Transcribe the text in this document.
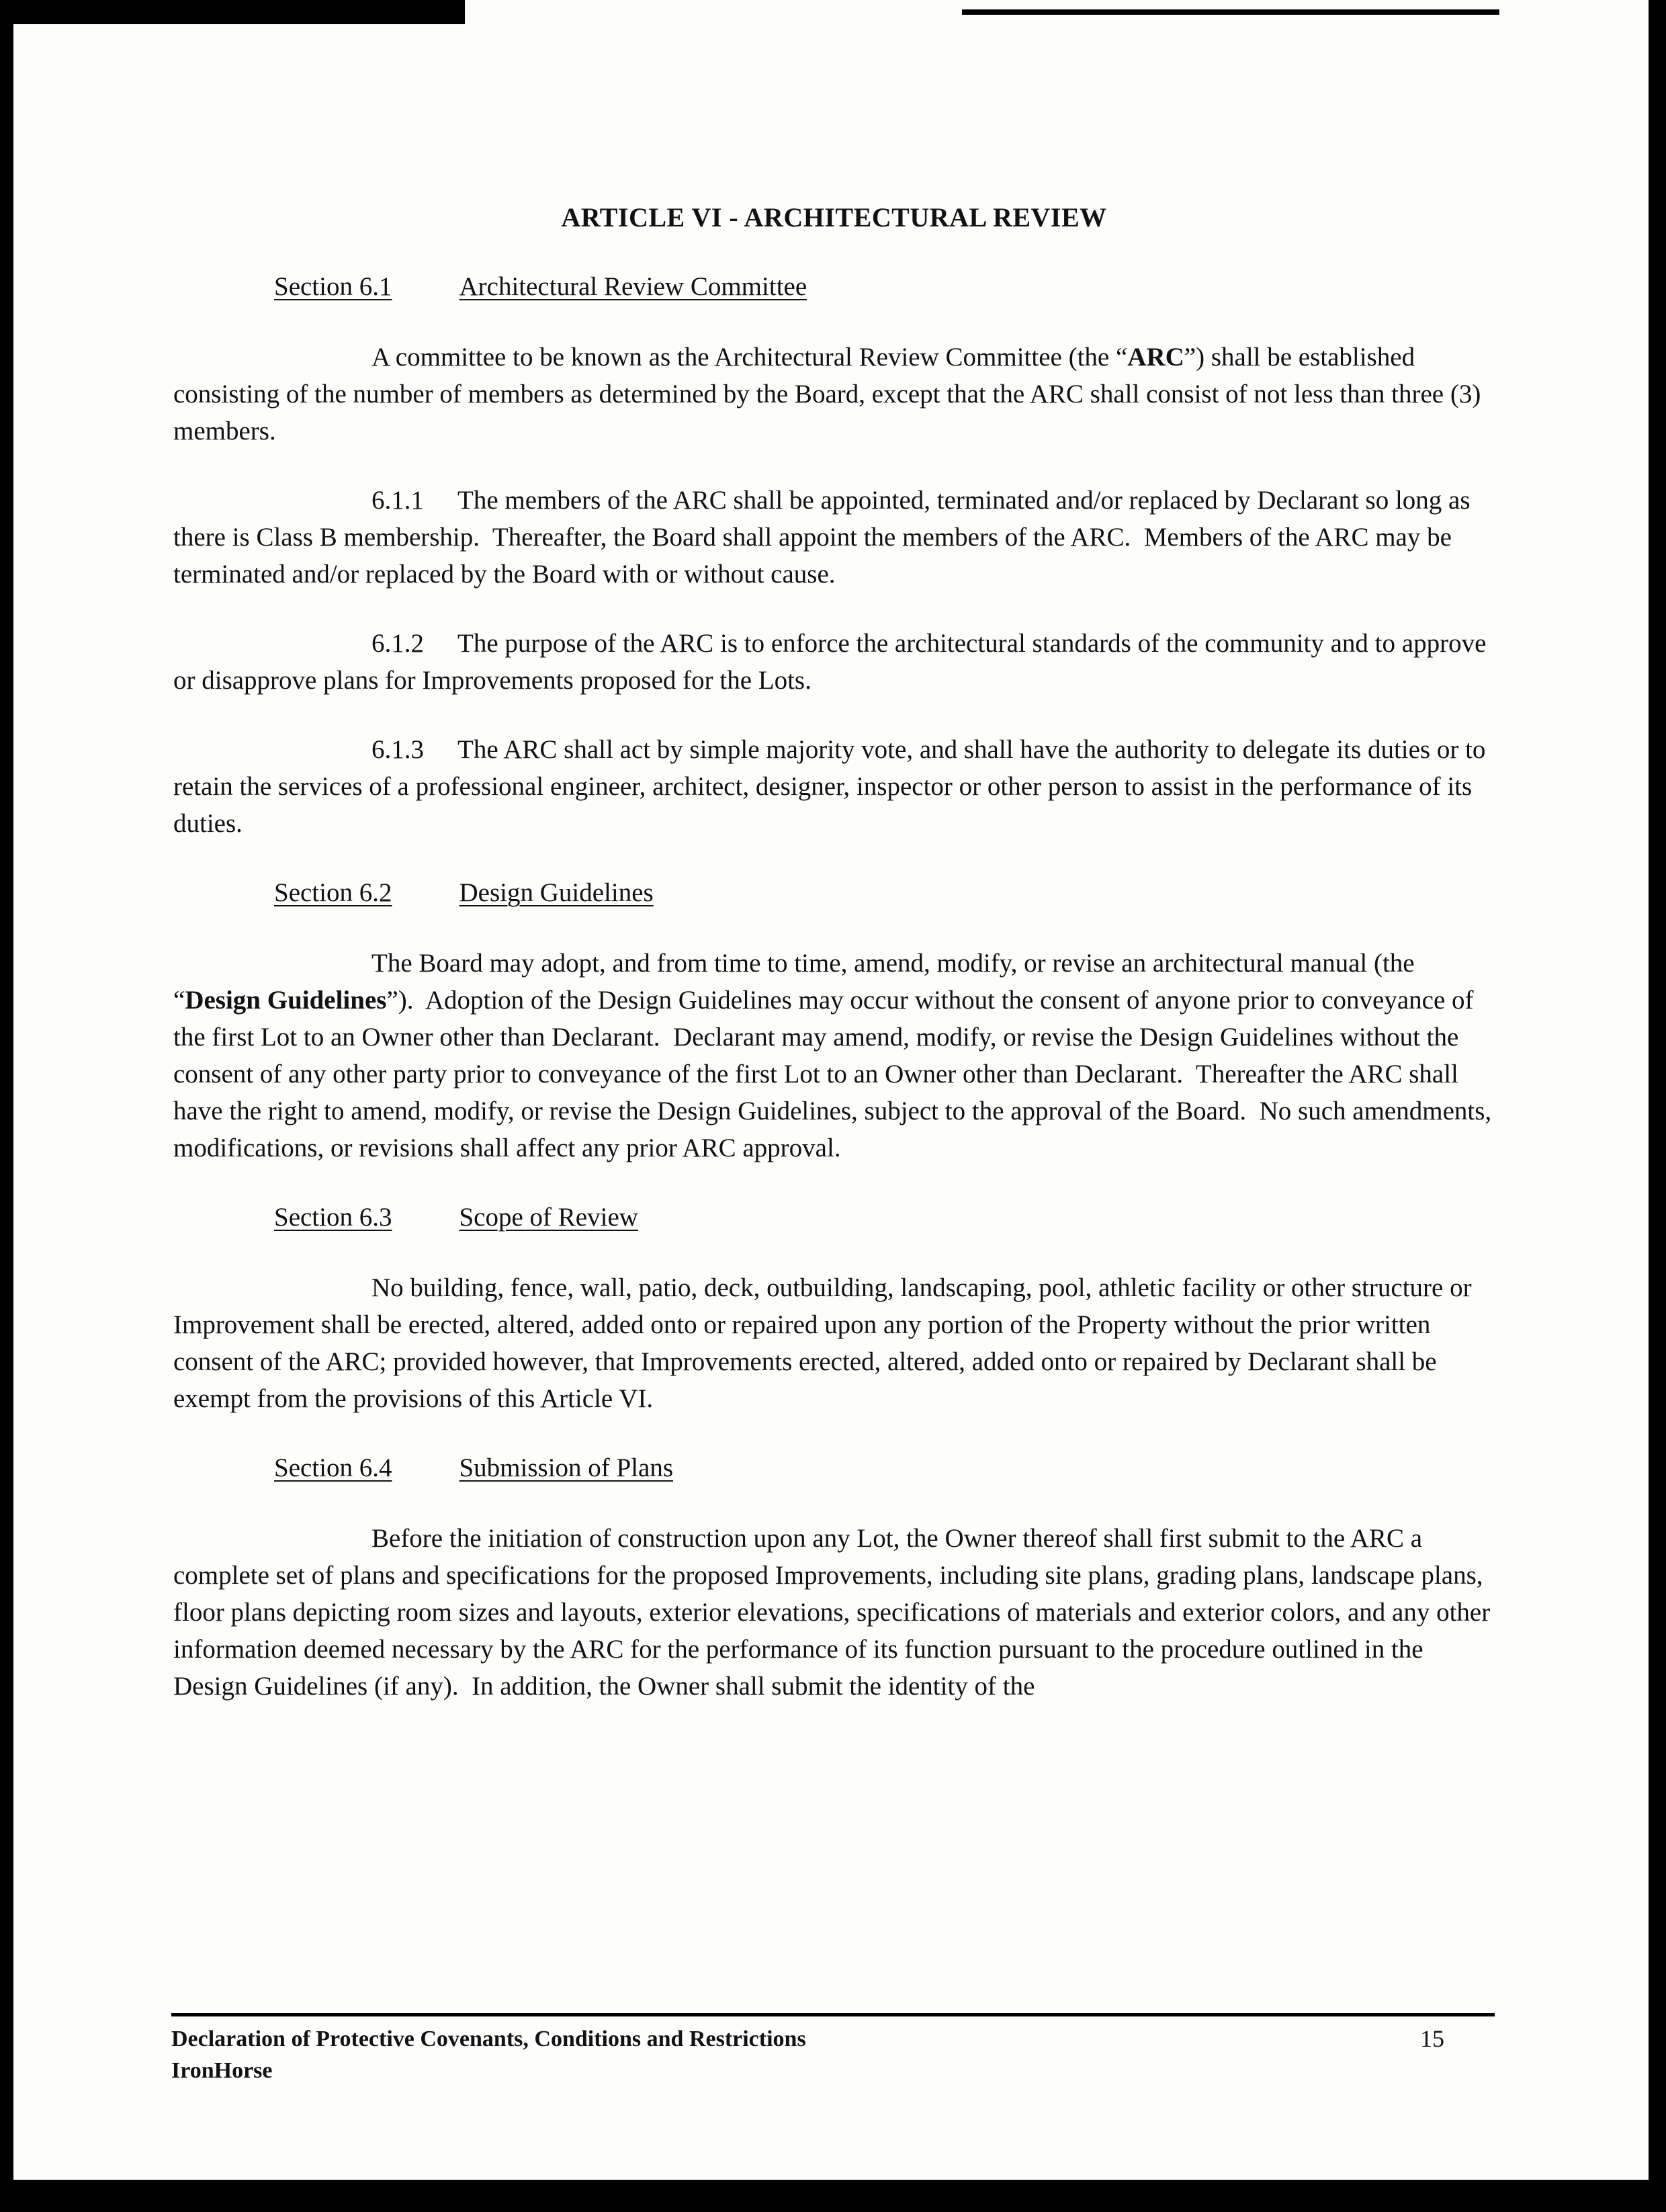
ARTICLE VI - ARCHITECTURAL REVIEW
Section 6.1	Architectural Review Committee

A committee to be known as the Architectural Review Committee (the “ARC”) shall be established consisting of the number of members as determined by the Board, except that the ARC shall consist of not less than three (3) members.

6.1.1 The members of the ARC shall be appointed, terminated and/or replaced by Declarant so long as there is Class B membership.  Thereafter, the Board shall appoint the members of the ARC.  Members of the ARC may be terminated and/or replaced by the Board with or without cause.

6.1.2 The purpose of the ARC is to enforce the architectural standards of the community and to approve or disapprove plans for Improvements proposed for the Lots.

6.1.3 The ARC shall act by simple majority vote, and shall have the authority to delegate its duties or to retain the services of a professional engineer, architect, designer, inspector or other person to assist in the performance of its duties.

Section 6.2	Design Guidelines

The Board may adopt, and from time to time, amend, modify, or revise an architectural manual (the “Design Guidelines”).  Adoption of the Design Guidelines may occur without the consent of anyone prior to conveyance of the first Lot to an Owner other than Declarant.  Declarant may amend, modify, or revise the Design Guidelines without the consent of any other party prior to conveyance of the first Lot to an Owner other than Declarant.  Thereafter the ARC shall have the right to amend, modify, or revise the Design Guidelines, subject to the approval of the Board.  No such amendments, modifications, or revisions shall affect any prior ARC approval.

Section 6.3	Scope of Review

No building, fence, wall, patio, deck, outbuilding, landscaping, pool, athletic facility or other structure or Improvement shall be erected, altered, added onto or repaired upon any portion of the Property without the prior written consent of the ARC; provided however, that Improvements erected, altered, added onto or repaired by Declarant shall be exempt from the provisions of this Article VI.

Section 6.4	Submission of Plans

Before the initiation of construction upon any Lot, the Owner thereof shall first submit to the ARC a complete set of plans and specifications for the proposed Improvements, including site plans, grading plans, landscape plans, floor plans depicting room sizes and layouts, exterior elevations, specifications of materials and exterior colors, and any other information deemed necessary by the ARC for the performance of its function pursuant to the procedure outlined in the Design Guidelines (if any).  In addition, the Owner shall submit the identity of the

Declaration of Protective Covenants, Conditions and Restrictions
IronHorse
15
